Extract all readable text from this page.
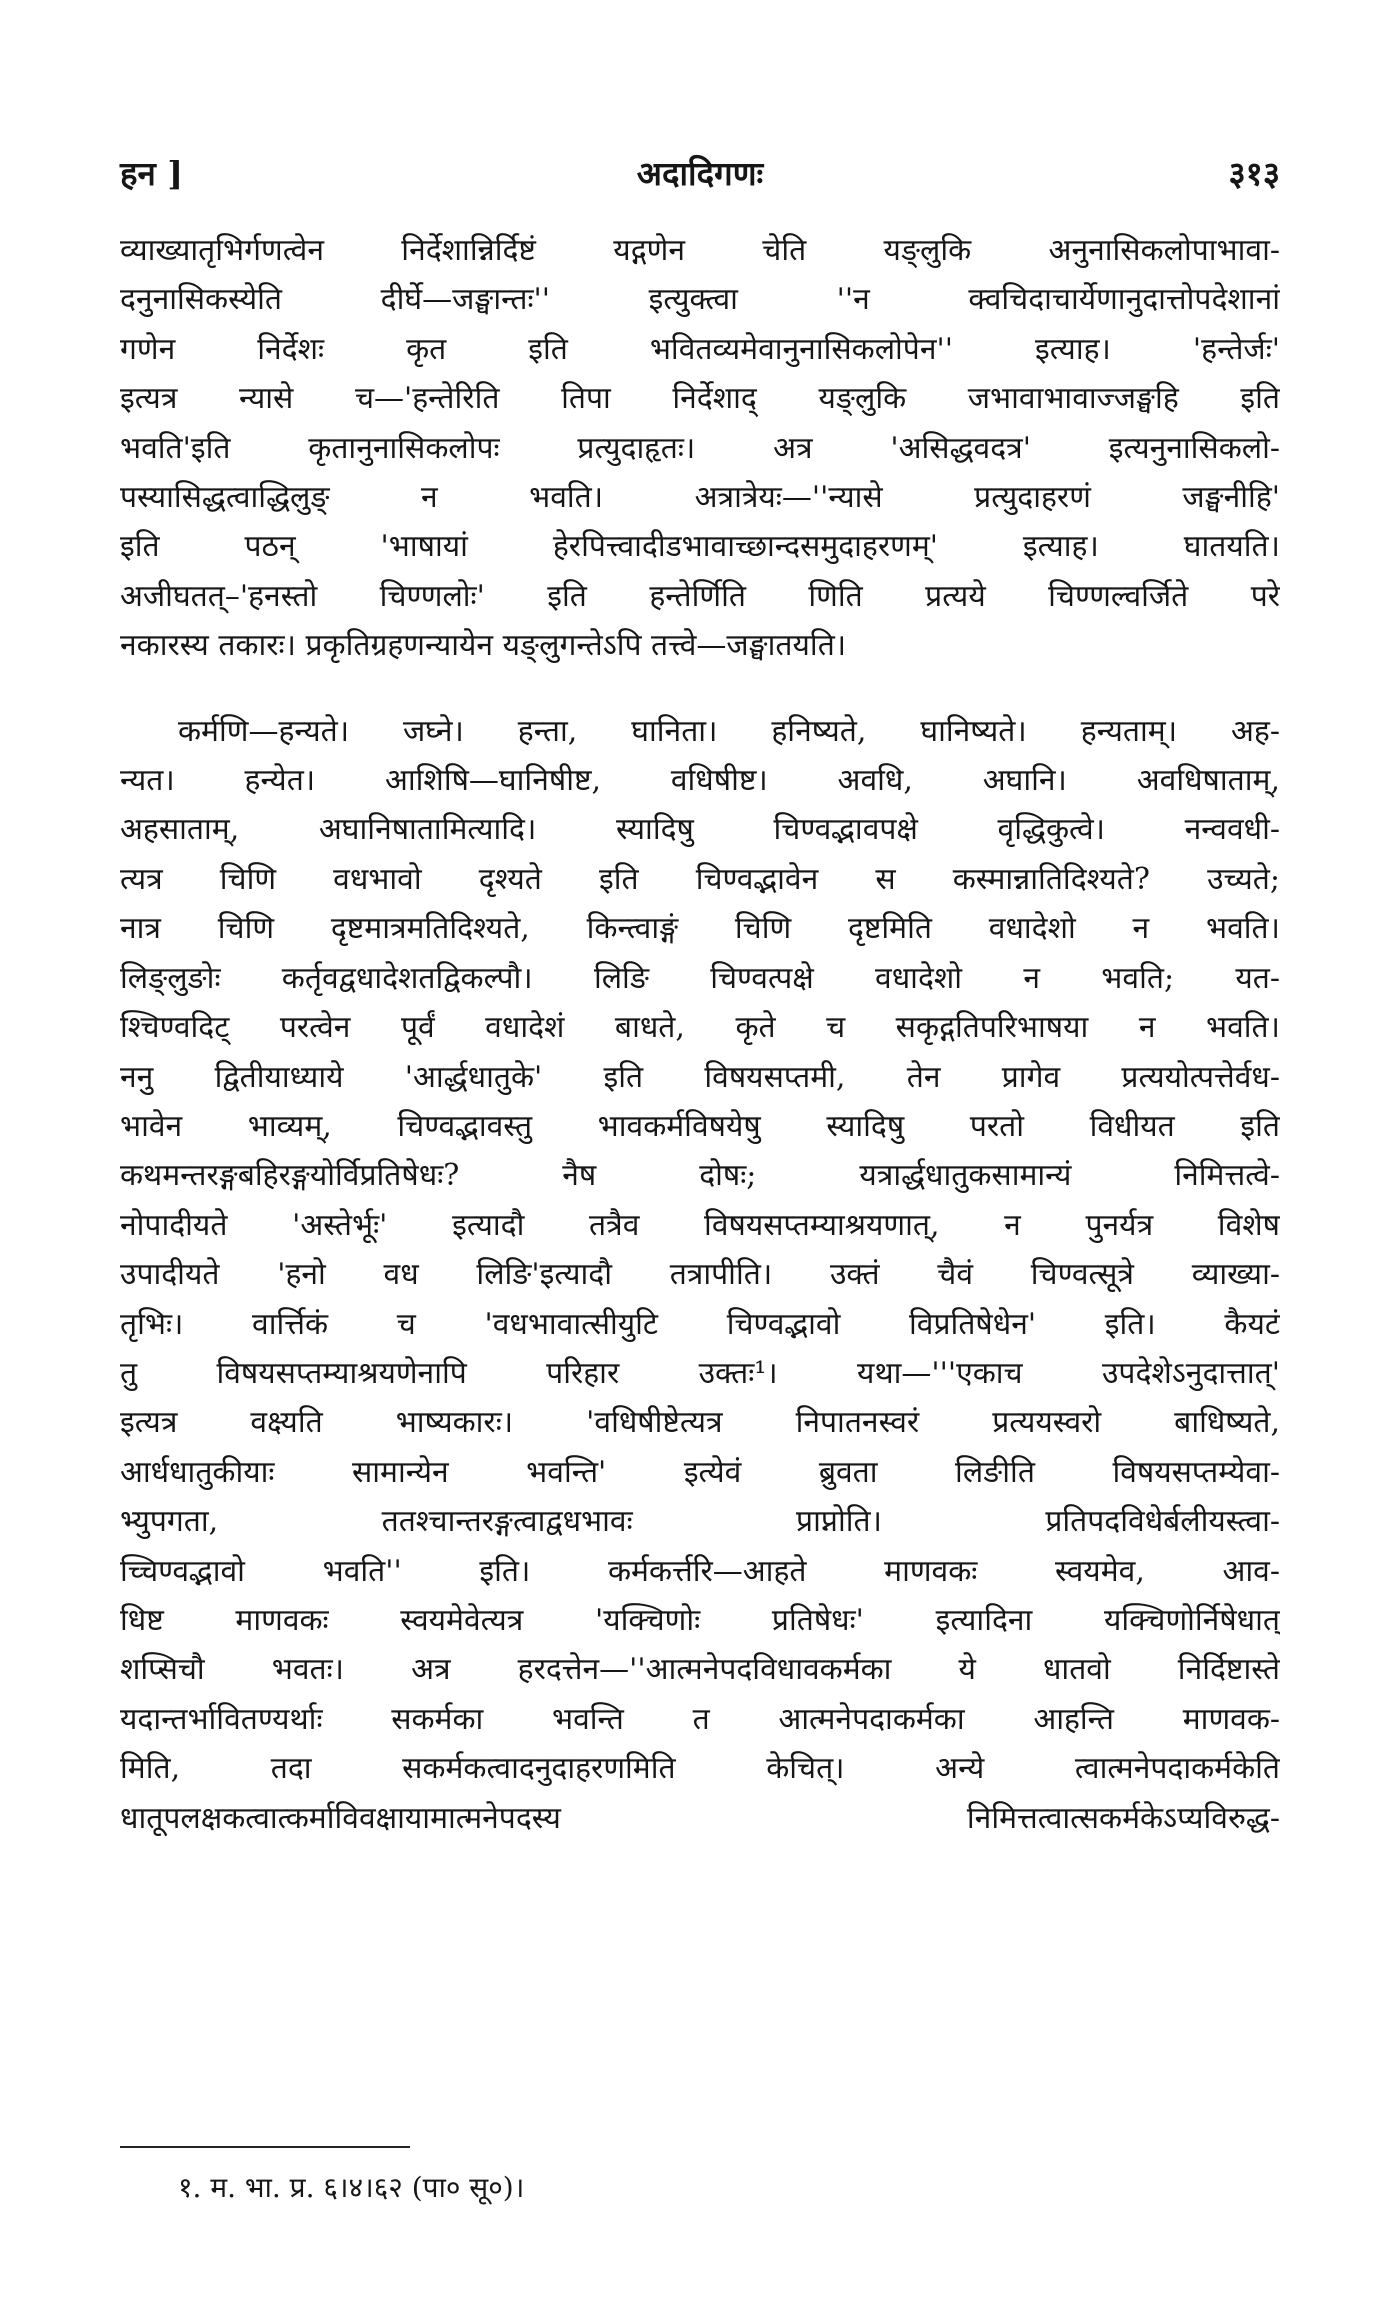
हन ]	अदादिगणः	३१३

व्याख्यातृभिर्गणत्वेन निर्देशान्निर्दिष्टं यद्गणेन चेति यङ्लुकि अनुनासिकलोपाभावा-

दनुनासिकस्येति दीर्घे—जङ्घान्तः'' इत्युक्त्वा ''न क्वचिदाचार्येणानुदात्तोपदेशानां

गणेन निर्देशः कृत इति भवितव्यमेवानुनासिकलोपेन'' इत्याह। 'हन्तेर्जः'

इत्यत्र न्यासे च—'हन्तेरिति तिपा निर्देशाद् यङ्लुकि जभावाभावाज्जङ्घहि इति

भवति'इति कृतानुनासिकलोपः प्रत्युदाहृतः। अत्र 'असिद्धवदत्र' इत्यनुनासिकलो-

पस्यासिद्धत्वाद्धिलुङ् न भवति। अत्रात्रेयः—''न्यासे प्रत्युदाहरणं जङ्घनीहि'

इति पठन् 'भाषायां हेरपित्त्वादीडभावाच्छान्दसमुदाहरणम्' इत्याह। घातयति।

अजीघतत्–'हनस्तो चिण्णलोः' इति हन्तेर्णिति णिति प्रत्यये चिण्णल्वर्जिते परे

नकारस्य तकारः। प्रकृतिग्रहणन्यायेन यङ्लुगन्तेऽपि तत्त्वे—जङ्घातयति।

कर्मणि—हन्यते। जघ्ने। हन्ता, घानिता। हनिष्यते, घानिष्यते। हन्यताम्। अह-

न्यत। हन्येत। आशिषि—घानिषीष्ट, वधिषीष्ट। अवधि, अघानि। अवधिषाताम्,

अहसाताम्, अघानिषातामित्यादि। स्यादिषु चिण्वद्भावपक्षे वृद्धिकुत्वे। नन्ववधी-

त्यत्र चिणि वधभावो दृश्यते इति चिण्वद्भावेन स कस्मान्नातिदिश्यते? उच्यते;

नात्र चिणि दृष्टमात्रमतिदिश्यते, किन्त्वाङ्गं चिणि दृष्टमिति वधादेशो न भवति।

लिङ्लुङोः कर्तृवद्वधादेशतद्विकल्पौ। लिङि चिण्वत्पक्षे वधादेशो न भवति; यत-

श्चिण्वदिट् परत्वेन पूर्वं वधादेशं बाधते, कृते च सकृद्गतिपरिभाषया न भवति।

ननु द्वितीयाध्याये 'आर्द्धधातुके' इति विषयसप्तमी, तेन प्रागेव प्रत्ययोत्पत्तेर्वध-

भावेन भाव्यम्, चिण्वद्भावस्तु भावकर्मविषयेषु स्यादिषु परतो विधीयत इति

कथमन्तरङ्गबहिरङ्गयोर्विप्रतिषेधः? नैष दोषः; यत्रार्द्धधातुकसामान्यं निमित्तत्वे-

नोपादीयते 'अस्तेर्भूः' इत्यादौ तत्रैव विषयसप्तम्याश्रयणात्, न पुनर्यत्र विशेष

उपादीयते 'हनो वध लिङि'इत्यादौ तत्रापीति। उक्तं चैवं चिण्वत्सूत्रे व्याख्या-

तृभिः। वार्त्तिकं च 'वधभावात्सीयुटि चिण्वद्भावो विप्रतिषेधेन' इति। कैयटं

तु विषयसप्तम्याश्रयणेनापि परिहार उक्तः¹। यथा—'''एकाच उपदेशेऽनुदात्तात्'

इत्यत्र वक्ष्यति भाष्यकारः। 'वधिषीष्टेत्यत्र निपातनस्वरं प्रत्ययस्वरो बाधिष्यते,

आर्धधातुकीयाः सामान्येन भवन्ति' इत्येवं ब्रुवता लिङीति विषयसप्तम्येवा-

भ्युपगता, ततश्चान्तरङ्गत्वाद्वधभावः प्राप्नोति। प्रतिपदविधेर्बलीयस्त्वा-

च्चिण्वद्भावो भवति'' इति। कर्मकर्त्तरि—आहते माणवकः स्वयमेव, आव-

धिष्ट माणवकः स्वयमेवेत्यत्र 'यक्चिणोः प्रतिषेधः' इत्यादिना यक्चिणोर्निषेधात्

शप्सिचौ भवतः। अत्र हरदत्तेन—''आत्मनेपदविधावकर्मका ये धातवो निर्दिष्टास्ते

यदान्तर्भावितण्यर्थाः सकर्मका भवन्ति त आत्मनेपदाकर्मका आहन्ति माणवक-

मिति, तदा सकर्मकत्वादनुदाहरणमिति केचित्। अन्ये त्वात्मनेपदाकर्मकेति

धातूपलक्षकत्वात्कर्माविवक्षायामात्मनेपदस्य निमित्तत्वात्सकर्मकेऽप्यविरुद्ध-

१. म. भा. प्र. ६।४।६२ (पा० सू०)।
